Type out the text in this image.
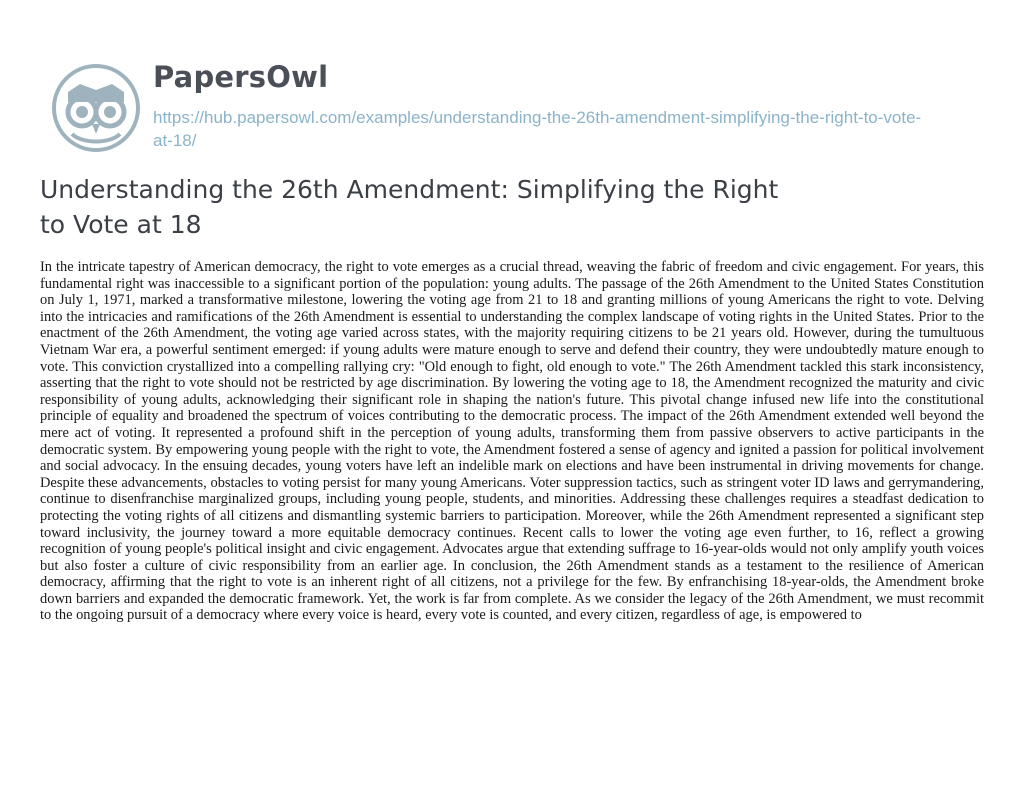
PapersOwl
https://hub.papersowl.com/examples/understanding-the-26th-amendment-simplifying-the-right-to-vote-at-18/
Understanding the 26th Amendment: Simplifying the Right to Vote at 18

In the intricate tapestry of American democracy, the right to vote emerges as a crucial thread, weaving the fabric of freedom and civic engagement. For years, this fundamental right was inaccessible to a significant portion of the population: young adults. The passage of the 26th Amendment to the United States Constitution on July 1, 1971, marked a transformative milestone, lowering the voting age from 21 to 18 and granting millions of young Americans the right to vote. Delving into the intricacies and ramifications of the 26th Amendment is essential to understanding the complex landscape of voting rights in the United States. Prior to the enactment of the 26th Amendment, the voting age varied across states, with the majority requiring citizens to be 21 years old. However, during the tumultuous Vietnam War era, a powerful sentiment emerged: if young adults were mature enough to serve and defend their country, they were undoubtedly mature enough to vote. This conviction crystallized into a compelling rallying cry: "Old enough to fight, old enough to vote." The 26th Amendment tackled this stark inconsistency, asserting that the right to vote should not be restricted by age discrimination. By lowering the voting age to 18, the Amendment recognized the maturity and civic responsibility of young adults, acknowledging their significant role in shaping the nation's future. This pivotal change infused new life into the constitutional principle of equality and broadened the spectrum of voices contributing to the democratic process. The impact of the 26th Amendment extended well beyond the mere act of voting. It represented a profound shift in the perception of young adults, transforming them from passive observers to active participants in the democratic system. By empowering young people with the right to vote, the Amendment fostered a sense of agency and ignited a passion for political involvement and social advocacy. In the ensuing decades, young voters have left an indelible mark on elections and have been instrumental in driving movements for change. Despite these advancements, obstacles to voting persist for many young Americans. Voter suppression tactics, such as stringent voter ID laws and gerrymandering, continue to disenfranchise marginalized groups, including young people, students, and minorities. Addressing these challenges requires a steadfast dedication to protecting the voting rights of all citizens and dismantling systemic barriers to participation. Moreover, while the 26th Amendment represented a significant step toward inclusivity, the journey toward a more equitable democracy continues. Recent calls to lower the voting age even further, to 16, reflect a growing recognition of young people's political insight and civic engagement. Advocates argue that extending suffrage to 16-year-olds would not only amplify youth voices but also foster a culture of civic responsibility from an earlier age. In conclusion, the 26th Amendment stands as a testament to the resilience of American democracy, affirming that the right to vote is an inherent right of all citizens, not a privilege for the few. By enfranchising 18-year-olds, the Amendment broke down barriers and expanded the democratic framework. Yet, the work is far from complete. As we consider the legacy of the 26th Amendment, we must recommit to the ongoing pursuit of a democracy where every voice is heard, every vote is counted, and every citizen, regardless of age, is empowered to
